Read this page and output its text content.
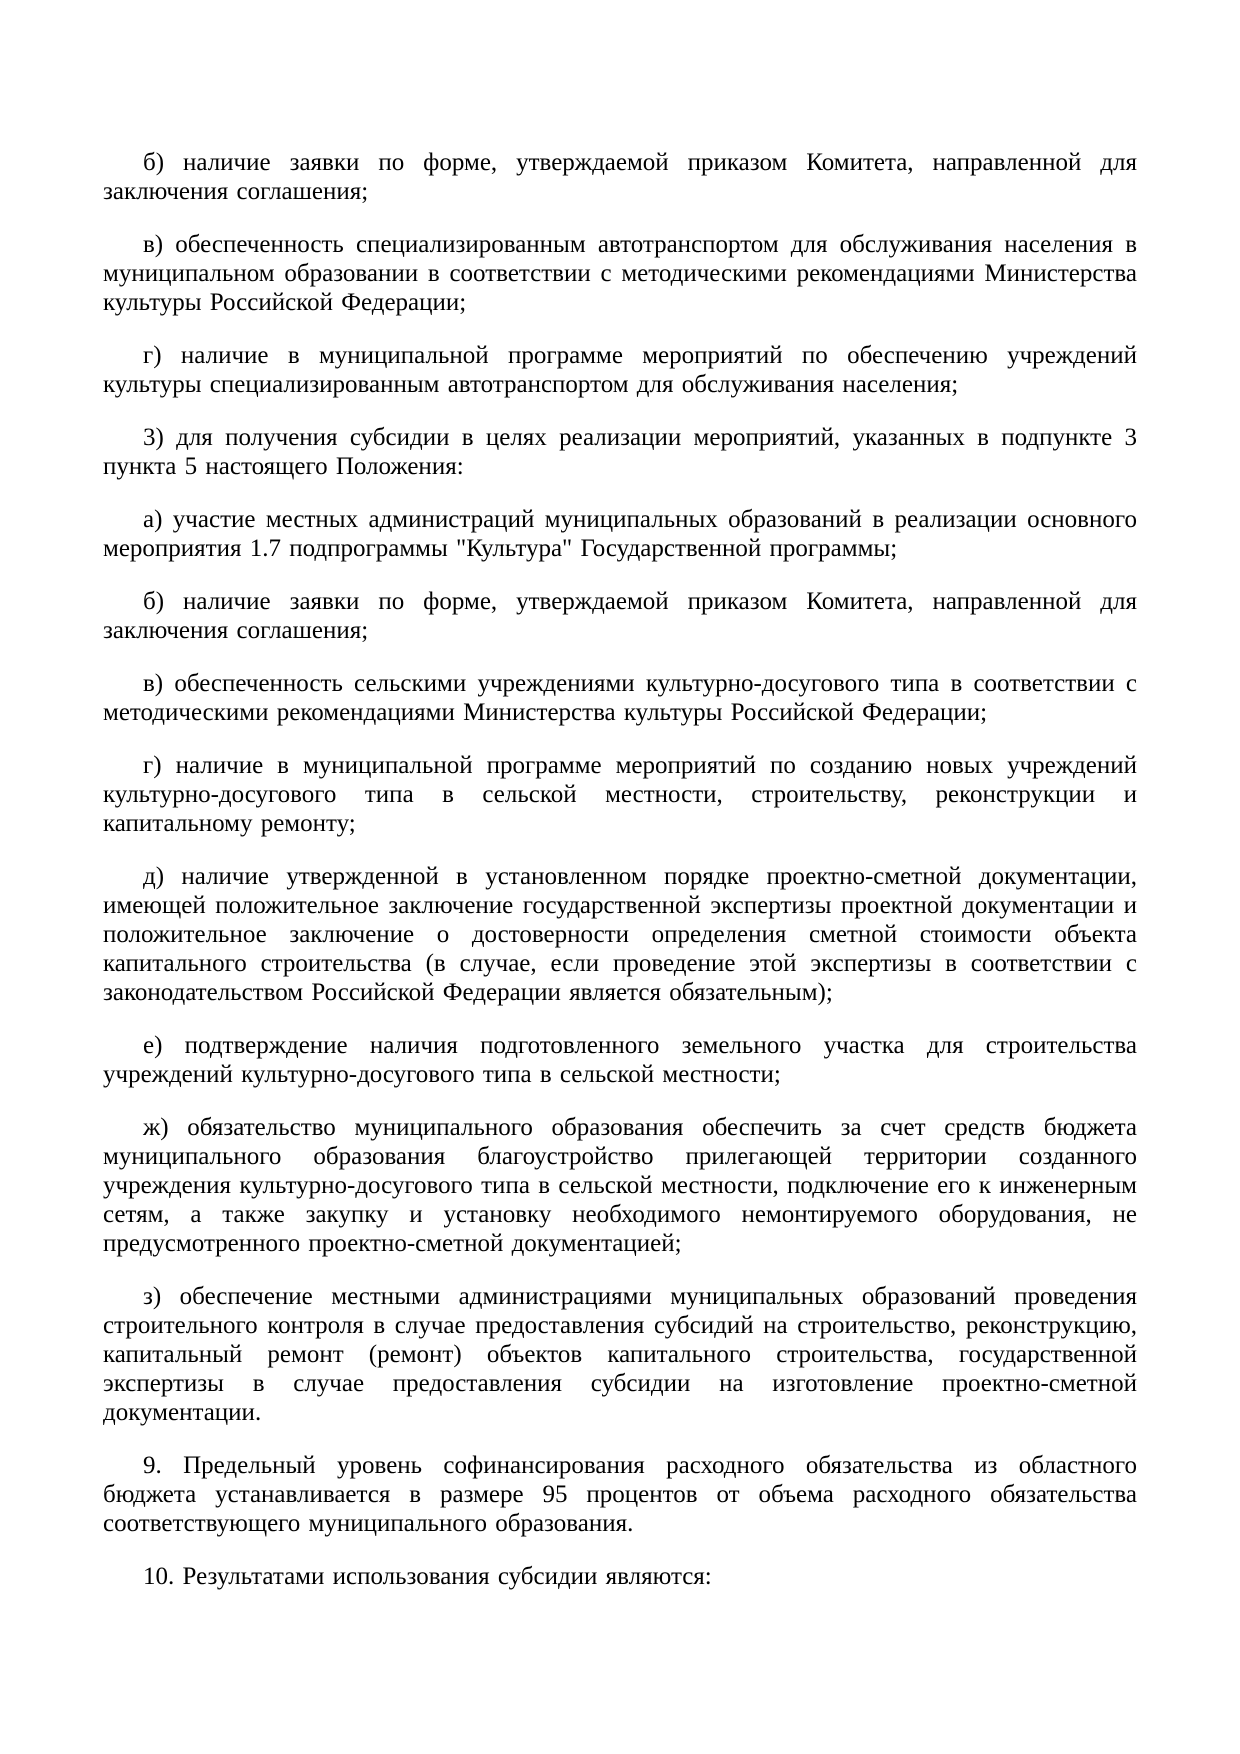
б) наличие заявки по форме, утверждаемой приказом Комитета, направленной для заключения соглашения;

в) обеспеченность специализированным автотранспортом для обслуживания населения в муниципальном образовании в соответствии с методическими рекомендациями Министерства культуры Российской Федерации;

г) наличие в муниципальной программе мероприятий по обеспечению учреждений культуры специализированным автотранспортом для обслуживания населения;

3) для получения субсидии в целях реализации мероприятий, указанных в подпункте 3 пункта 5 настоящего Положения:

а) участие местных администраций муниципальных образований в реализации основного мероприятия 1.7 подпрограммы "Культура" Государственной программы;

б) наличие заявки по форме, утверждаемой приказом Комитета, направленной для заключения соглашения;

в) обеспеченность сельскими учреждениями культурно-досугового типа в соответствии с методическими рекомендациями Министерства культуры Российской Федерации;

г) наличие в муниципальной программе мероприятий по созданию новых учреждений культурно-досугового типа в сельской местности, строительству, реконструкции и капитальному ремонту;

д) наличие утвержденной в установленном порядке проектно-сметной документации, имеющей положительное заключение государственной экспертизы проектной документации и положительное заключение о достоверности определения сметной стоимости объекта капитального строительства (в случае, если проведение этой экспертизы в соответствии с законодательством Российской Федерации является обязательным);

е) подтверждение наличия подготовленного земельного участка для строительства учреждений культурно-досугового типа в сельской местности;

ж) обязательство муниципального образования обеспечить за счет средств бюджета муниципального образования благоустройство прилегающей территории созданного учреждения культурно-досугового типа в сельской местности, подключение его к инженерным сетям, а также закупку и установку необходимого немонтируемого оборудования, не предусмотренного проектно-сметной документацией;

з) обеспечение местными администрациями муниципальных образований проведения строительного контроля в случае предоставления субсидий на строительство, реконструкцию, капитальный ремонт (ремонт) объектов капитального строительства, государственной экспертизы в случае предоставления субсидии на изготовление проектно-сметной документации.

9. Предельный уровень софинансирования расходного обязательства из областного бюджета устанавливается в размере 95 процентов от объема расходного обязательства соответствующего муниципального образования.

10. Результатами использования субсидии являются:
